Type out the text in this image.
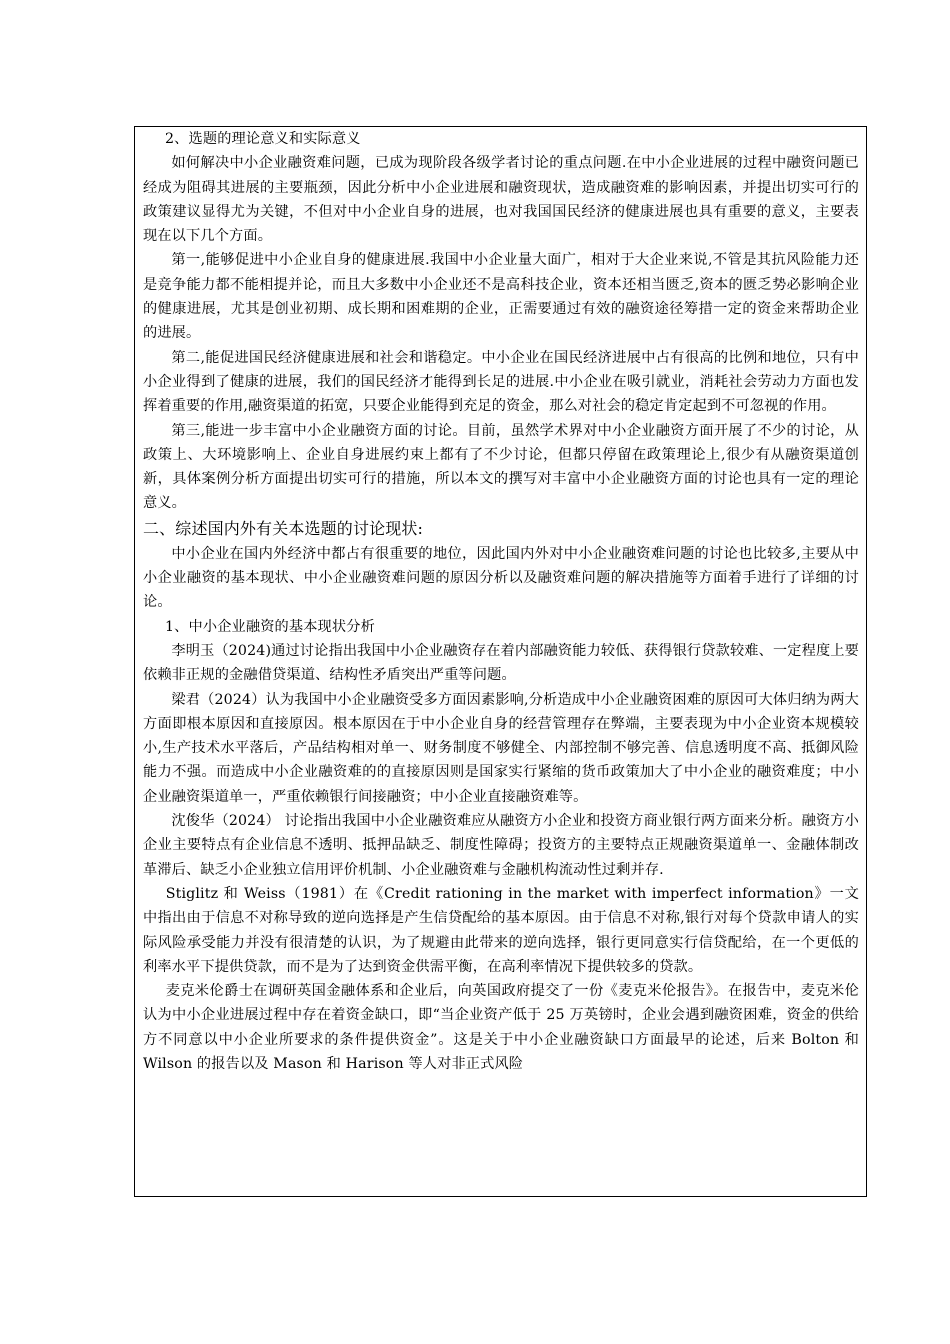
2、选题的理论意义和实际意义

如何解决中小企业融资难问题，已成为现阶段各级学者讨论的重点问题.在中小企业进展的过程中融资问题已经成为阻碍其进展的主要瓶颈，因此分析中小企业进展和融资现状，造成融资难的影响因素，并提出切实可行的政策建议显得尤为关键，不但对中小企业自身的进展，也对我国国民经济的健康进展也具有重要的意义，主要表现在以下几个方面。

第一,能够促进中小企业自身的健康进展.我国中小企业量大面广，相对于大企业来说,不管是其抗风险能力还是竞争能力都不能相提并论，而且大多数中小企业还不是高科技企业，资本还相当匮乏,资本的匮乏势必影响企业的健康进展，尤其是创业初期、成长期和困难期的企业，正需要通过有效的融资途径筹措一定的资金来帮助企业的进展。

第二,能促进国民经济健康进展和社会和谐稳定。中小企业在国民经济进展中占有很高的比例和地位，只有中小企业得到了健康的进展，我们的国民经济才能得到长足的进展.中小企业在吸引就业，消耗社会劳动力方面也发挥着重要的作用,融资渠道的拓宽，只要企业能得到充足的资金，那么对社会的稳定肯定起到不可忽视的作用。

第三,能进一步丰富中小企业融资方面的讨论。目前，虽然学术界对中小企业融资方面开展了不少的讨论，从政策上、大环境影响上、企业自身进展约束上都有了不少讨论，但都只停留在政策理论上,很少有从融资渠道创新，具体案例分析方面提出切实可行的措施，所以本文的撰写对丰富中小企业融资方面的讨论也具有一定的理论意义。

二、综述国内外有关本选题的讨论现状:

中小企业在国内外经济中都占有很重要的地位，因此国内外对中小企业融资难问题的讨论也比较多,主要从中小企业融资的基本现状、中小企业融资难问题的原因分析以及融资难问题的解决措施等方面着手进行了详细的讨论。

1、中小企业融资的基本现状分析

李明玉（2024)通过讨论指出我国中小企业融资存在着内部融资能力较低、获得银行贷款较难、一定程度上要依赖非正规的金融借贷渠道、结构性矛盾突出严重等问题。

梁君（2024）认为我国中小企业融资受多方面因素影响,分析造成中小企业融资困难的原因可大体归纳为两大方面即根本原因和直接原因。根本原因在于中小企业自身的经营管理存在弊端，主要表现为中小企业资本规模较小,生产技术水平落后，产品结构相对单一、财务制度不够健全、内部控制不够完善、信息透明度不高、抵御风险能力不强。而造成中小企业融资难的的直接原因则是国家实行紧缩的货币政策加大了中小企业的融资难度；中小企业融资渠道单一，严重依赖银行间接融资；中小企业直接融资难等。

沈俊华（2024） 讨论指出我国中小企业融资难应从融资方小企业和投资方商业银行两方面来分析。融资方小企业主要特点有企业信息不透明、抵押品缺乏、制度性障碍；投资方的主要特点正规融资渠道单一、金融体制改革滞后、缺乏小企业独立信用评价机制、小企业融资难与金融机构流动性过剩并存.

Stiglitz 和 Weiss（1981）在《Credit rationing in the market with imperfect information》一文中指出由于信息不对称导致的逆向选择是产生信贷配给的基本原因。由于信息不对称,银行对每个贷款申请人的实际风险承受能力并没有很清楚的认识，为了规避由此带来的逆向选择，银行更同意实行信贷配给，在一个更低的利率水平下提供贷款，而不是为了达到资金供需平衡，在高利率情况下提供较多的贷款。

麦克米伦爵士在调研英国金融体系和企业后，向英国政府提交了一份《麦克米伦报告》。在报告中，麦克米伦认为中小企业进展过程中存在着资金缺口，即“当企业资产低于 25 万英镑时，企业会遇到融资困难，资金的供给方不同意以中小企业所要求的条件提供资金”。这是关于中小企业融资缺口方面最早的论述，后来 Bolton 和 Wilson 的报告以及 Mason 和 Harison 等人对非正式风险
